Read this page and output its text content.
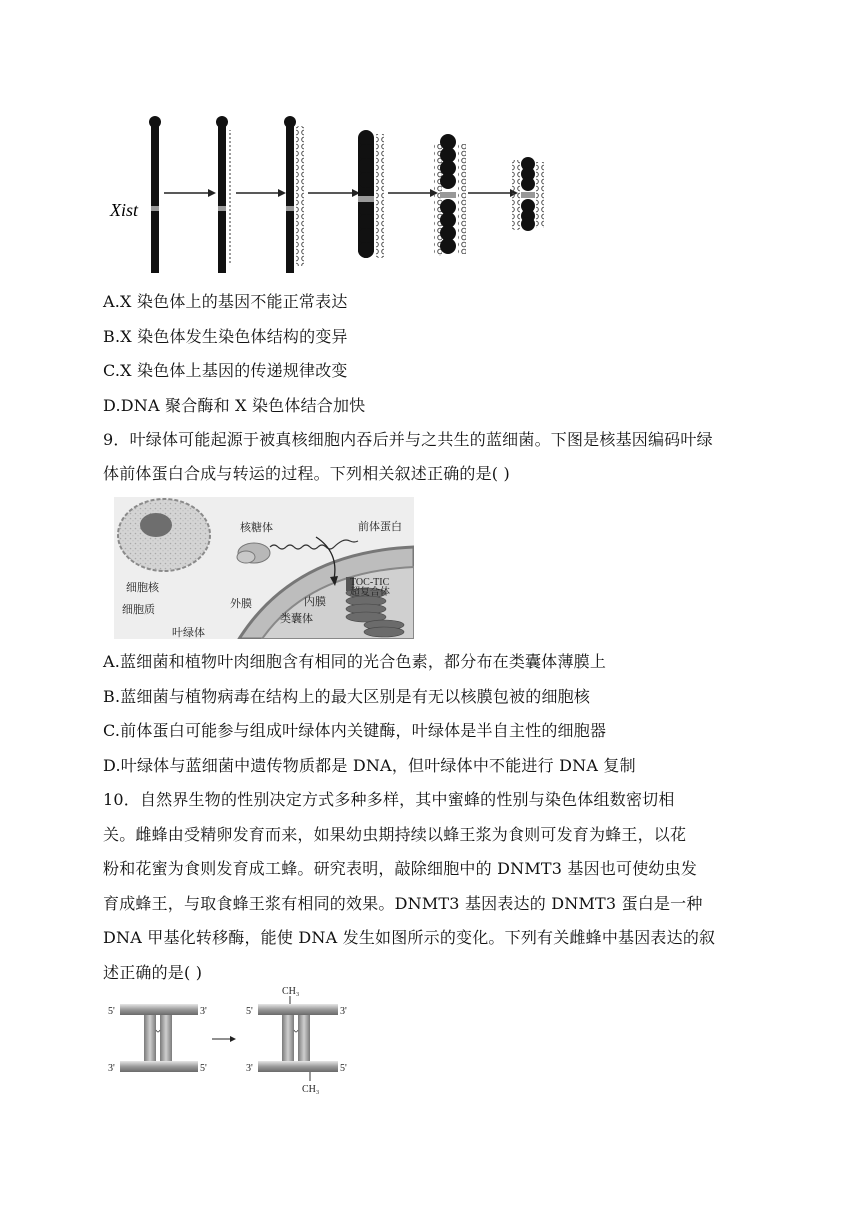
Xist
A.X 染色体上的基因不能正常表达
B.X 染色体发生染色体结构的变异
C.X 染色体上基因的传递规律改变
D.DNA 聚合酶和 X 染色体结合加快
9．叶绿体可能起源于被真核细胞内吞后并与之共生的蓝细菌。下图是核基因编码叶绿
体前体蛋白合成与转运的过程。下列相关叙述正确的是( )
核糖体	前体蛋白
细胞核
细胞质	外膜	内膜
TOC-TIC
超复合体
类囊体
叶绿体
A.蓝细菌和植物叶肉细胞含有相同的光合色素，都分布在类囊体薄膜上
B.蓝细菌与植物病毒在结构上的最大区别是有无以核膜包被的细胞核
C.前体蛋白可能参与组成叶绿体内关键酶，叶绿体是半自主性的细胞器
D.叶绿体与蓝细菌中遗传物质都是 DNA，但叶绿体中不能进行 DNA 复制
10．自然界生物的性别决定方式多种多样，其中蜜蜂的性别与染色体组数密切相
关。雌蜂由受精卵发育而来，如果幼虫期持续以蜂王浆为食则可发育为蜂王，以花
粉和花蜜为食则发育成工蜂。研究表明，敲除细胞中的 DNMT3 基因也可使幼虫发
育成蜂王，与取食蜂王浆有相同的效果。DNMT3 基因表达的 DNMT3 蛋白是一种
DNA 甲基化转移酶，能使 DNA 发生如图所示的变化。下列有关雌蜂中基因表达的叙
述正确的是( )
5'	3'
3'	5'
CH₃
5'	3'
3'	5'
CH₃
